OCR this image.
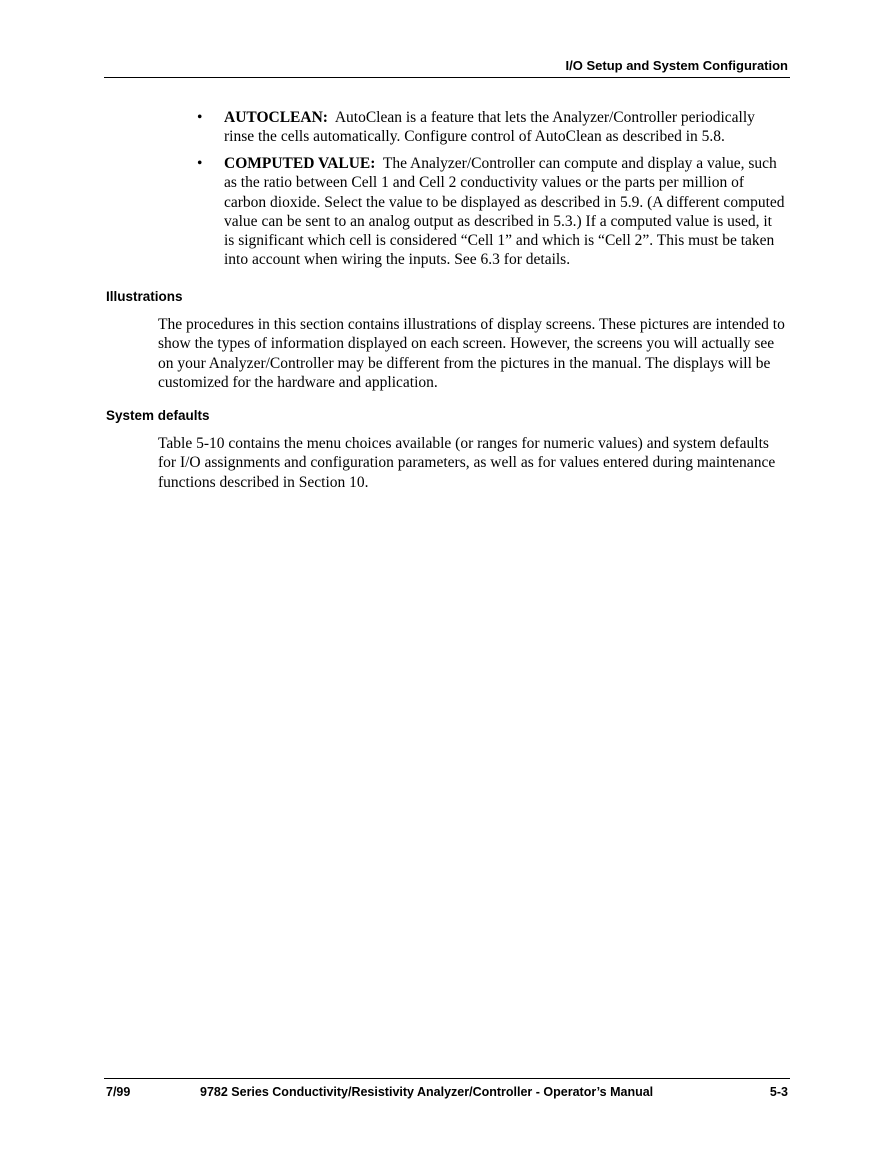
I/O Setup and System Configuration
• AUTOCLEAN: AutoClean is a feature that lets the Analyzer/Controller periodically rinse the cells automatically. Configure control of AutoClean as described in 5.8.
• COMPUTED VALUE: The Analyzer/Controller can compute and display a value, such as the ratio between Cell 1 and Cell 2 conductivity values or the parts per million of carbon dioxide. Select the value to be displayed as described in 5.9. (A different computed value can be sent to an analog output as described in 5.3.) If a computed value is used, it is significant which cell is considered “Cell 1” and which is “Cell 2”. This must be taken into account when wiring the inputs. See 6.3 for details.
Illustrations
The procedures in this section contains illustrations of display screens. These pictures are intended to show the types of information displayed on each screen. However, the screens you will actually see on your Analyzer/Controller may be different from the pictures in the manual. The displays will be customized for the hardware and application.
System defaults
Table 5-10 contains the menu choices available (or ranges for numeric values) and system defaults for I/O assignments and configuration parameters, as well as for values entered during maintenance functions described in Section 10.
7/99	9782 Series Conductivity/Resistivity Analyzer/Controller - Operator’s Manual	5-3
